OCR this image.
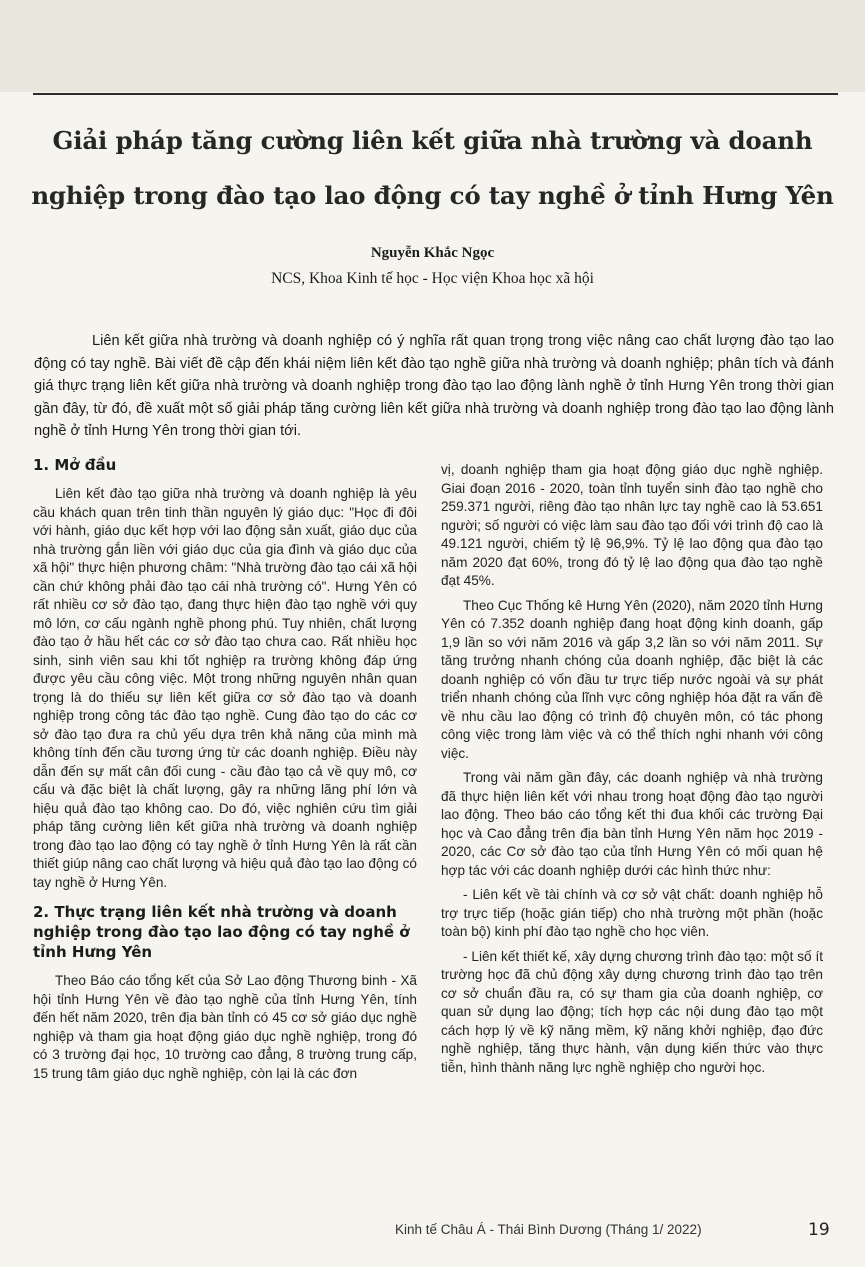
Giải pháp tăng cường liên kết giữa nhà trường và doanh nghiệp trong đào tạo lao động có tay nghề ở tỉnh Hưng Yên
Nguyễn Khắc Ngọc
NCS, Khoa Kinh tế học - Học viện Khoa học xã hội

Liên kết giữa nhà trường và doanh nghiệp có ý nghĩa rất quan trọng trong việc nâng cao chất lượng đào tạo lao động có tay nghề. Bài viết đề cập đến khái niệm liên kết đào tạo nghề giữa nhà trường và doanh nghiệp; phân tích và đánh giá thực trạng liên kết giữa nhà trường và doanh nghiệp trong đào tạo lao động lành nghề ở tỉnh Hưng Yên trong thời gian gần đây, từ đó, đề xuất một số giải pháp tăng cường liên kết giữa nhà trường và doanh nghiệp trong đào tạo lao động lành nghề ở tỉnh Hưng Yên trong thời gian tới.

1. Mở đầu

Liên kết đào tạo giữa nhà trường và doanh nghiệp là yêu cầu khách quan trên tinh thần nguyên lý giáo dục: "Học đi đôi với hành, giáo dục kết hợp với lao động sản xuất, giáo dục của nhà trường gắn liền với giáo dục của gia đình và giáo dục của xã hội" thực hiện phương châm: "Nhà trường đào tạo cái xã hội cần chứ không phải đào tạo cái nhà trường có". Hưng Yên có rất nhiều cơ sở đào tạo, đang thực hiện đào tạo nghề với quy mô lớn, cơ cấu ngành nghề phong phú. Tuy nhiên, chất lượng đào tạo ở hầu hết các cơ sở đào tạo chưa cao. Rất nhiều học sinh, sinh viên sau khi tốt nghiệp ra trường không đáp ứng được yêu cầu công việc. Một trong những nguyên nhân quan trọng là do thiếu sự liên kết giữa cơ sở đào tạo và doanh nghiệp trong công tác đào tạo nghề. Cung đào tạo do các cơ sở đào tạo đưa ra chủ yếu dựa trên khả năng của mình mà không tính đến cầu tương ứng từ các doanh nghiệp. Điều này dẫn đến sự mất cân đối cung - cầu đào tạo cả về quy mô, cơ cấu và đặc biệt là chất lượng, gây ra những lãng phí lớn và hiệu quả đào tạo không cao. Do đó, việc nghiên cứu tìm giải pháp tăng cường liên kết giữa nhà trường và doanh nghiệp trong đào tạo lao động có tay nghề ở tỉnh Hưng Yên là rất cần thiết giúp nâng cao chất lượng và hiệu quả đào tạo lao động có tay nghề ở Hưng Yên.

2. Thực trạng liên kết nhà trường và doanh nghiệp trong đào tạo lao động có tay nghề ở tỉnh Hưng Yên

Theo Báo cáo tổng kết của Sở Lao động Thương binh - Xã hội tỉnh Hưng Yên về đào tạo nghề của tỉnh Hưng Yên, tính đến hết năm 2020, trên địa bàn tỉnh có 45 cơ sở giáo dục nghề nghiệp và tham gia hoạt động giáo dục nghề nghiệp, trong đó có 3 trường đại học, 10 trường cao đẳng, 8 trường trung cấp, 15 trung tâm giáo dục nghề nghiệp, còn lại là các đơn

vị, doanh nghiệp tham gia hoạt động giáo dục nghề nghiệp. Giai đoạn 2016 - 2020, toàn tỉnh tuyển sinh đào tạo nghề cho 259.371 người, riêng đào tạo nhân lực tay nghề cao là 53.651 người; số người có việc làm sau đào tạo đối với trình độ cao là 49.121 người, chiếm tỷ lệ 96,9%. Tỷ lệ lao động qua đào tạo năm 2020 đạt 60%, trong đó tỷ lệ lao động qua đào tạo nghề đạt 45%.

Theo Cục Thống kê Hưng Yên (2020), năm 2020 tỉnh Hưng Yên có 7.352 doanh nghiệp đang hoạt động kinh doanh, gấp 1,9 lần so với năm 2016 và gấp 3,2 lần so với năm 2011. Sự tăng trưởng nhanh chóng của doanh nghiệp, đặc biệt là các doanh nghiệp có vốn đầu tư trực tiếp nước ngoài và sự phát triển nhanh chóng của lĩnh vực công nghiệp hóa đặt ra vấn đề về nhu cầu lao động có trình độ chuyên môn, có tác phong công việc trong làm việc và có thể thích nghi nhanh với công việc.

Trong vài năm gần đây, các doanh nghiệp và nhà trường đã thực hiện liên kết với nhau trong hoạt động đào tạo người lao động. Theo báo cáo tổng kết thi đua khối các trường Đại học và Cao đẳng trên địa bàn tỉnh Hưng Yên năm học 2019 - 2020, các Cơ sở đào tạo của tỉnh Hưng Yên có mối quan hệ hợp tác với các doanh nghiệp dưới các hình thức như:

- Liên kết về tài chính và cơ sở vật chất: doanh nghiệp hỗ trợ trực tiếp (hoặc gián tiếp) cho nhà trường một phần (hoặc toàn bộ) kinh phí đào tạo nghề cho học viên.

- Liên kết thiết kế, xây dựng chương trình đào tạo: một số ít trường học đã chủ động xây dựng chương trình đào tạo trên cơ sở chuẩn đầu ra, có sự tham gia của doanh nghiệp, cơ quan sử dụng lao động; tích hợp các nội dung đào tạo một cách hợp lý về kỹ năng mềm, kỹ năng khởi nghiệp, đạo đức nghề nghiệp, tăng thực hành, vận dụng kiến thức vào thực tiễn, hình thành năng lực nghề nghiệp cho người học.

Kinh tế Châu Á - Thái Bình Dương (Tháng 1/ 2022)	19
